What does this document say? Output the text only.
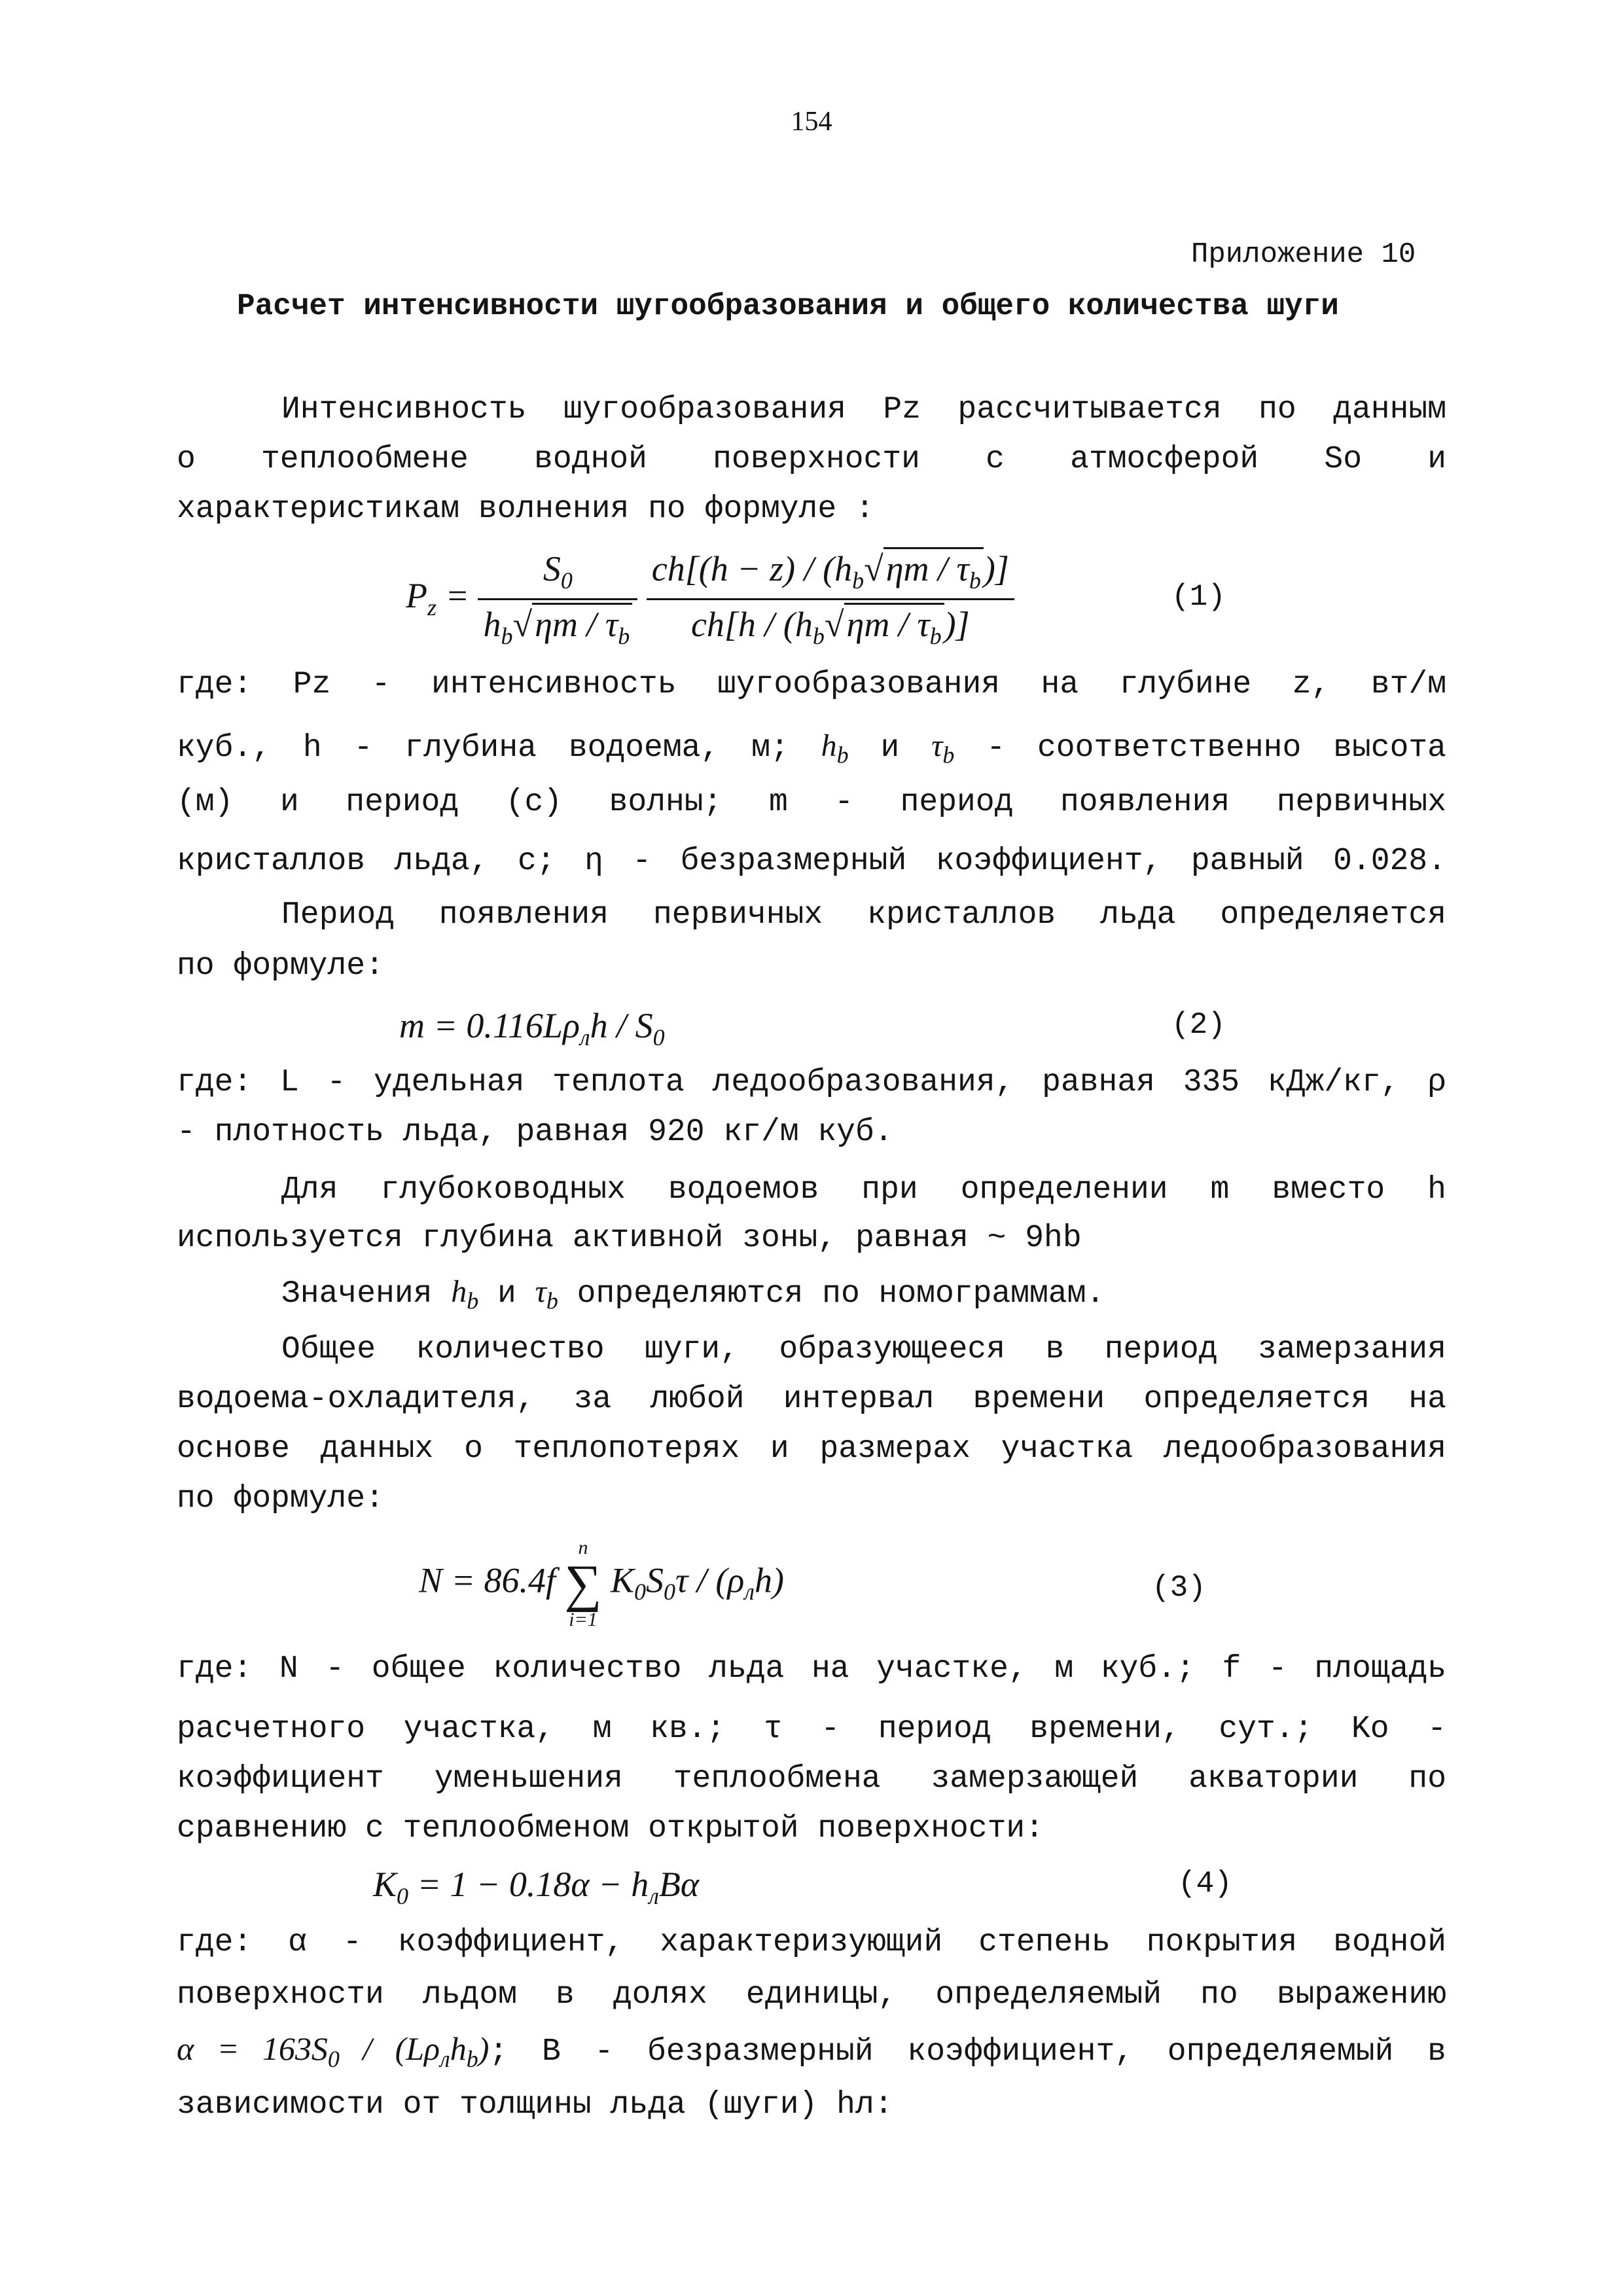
154
Приложение 10
Расчет интенсивности шугообразования и общего количества шуги
Интенсивность шугообразования Pz рассчитывается по данным
о теплообмене водной поверхности с атмосферой So и
характеристикам волнения по формуле :
$P_z = \frac{S_0}{h_b√\eta m / \tau_b}$
$\frac{ch[(h - z) / (h_b√\eta m / \tau_b)]}{ch[h / (h_b√\eta m / \tau_b)]}$	(1)
где: Pz - интенсивность шугообразования на глубине z, вт/м
куб., h - глубина водоема, м; $h_b$ и $\tau_b$ - соответственно высота
(м) и период (с) волны; m - период появления первичных
кристаллов льда, с; η - безразмерный коэффициент, равный 0.028.
Период появления первичных кристаллов льда определяется
по формуле:
$m = 0.116L\rho_лh / S_0$	(2)
где: L - удельная теплота ледообразования, равная 335 кДж/кг, ρ
- плотность льда, равная 920 кг/м куб.
Для глубоководных водоемов при определении m вместо h
используется глубина активной зоны, равная ~ 9hb
Значения $h_b$ и $\tau_b$ определяются по номограммам.
Общее количество шуги, образующееся в период замерзания
водоема-охладителя, за любой интервал времени определяется на
основе данных о теплопотерях и размерах участка ледообразования
по формуле:
N = 86.4f
n
∑
i=1
$K_0S_0\tau / (\rho_лh)$	(3)
где: N - общее количество льда на участке, м куб.; f - площадь
расчетного участка, м кв.; τ - период времени, сут.; Ko -
коэффициент уменьшения теплообмена замерзающей акватории по
сравнению с теплообменом открытой поверхности:
$K_0 = 1 - 0.18\alpha - h_лB\alpha$	(4)
где: α - коэффициент, характеризующий степень покрытия водной
поверхности льдом в долях единицы, определяемый по выражению
$\alpha = 163S_0 / (L\rho_лh_b)$; B - безразмерный коэффициент, определяемый в
зависимости от толщины льда (шуги) hл:
